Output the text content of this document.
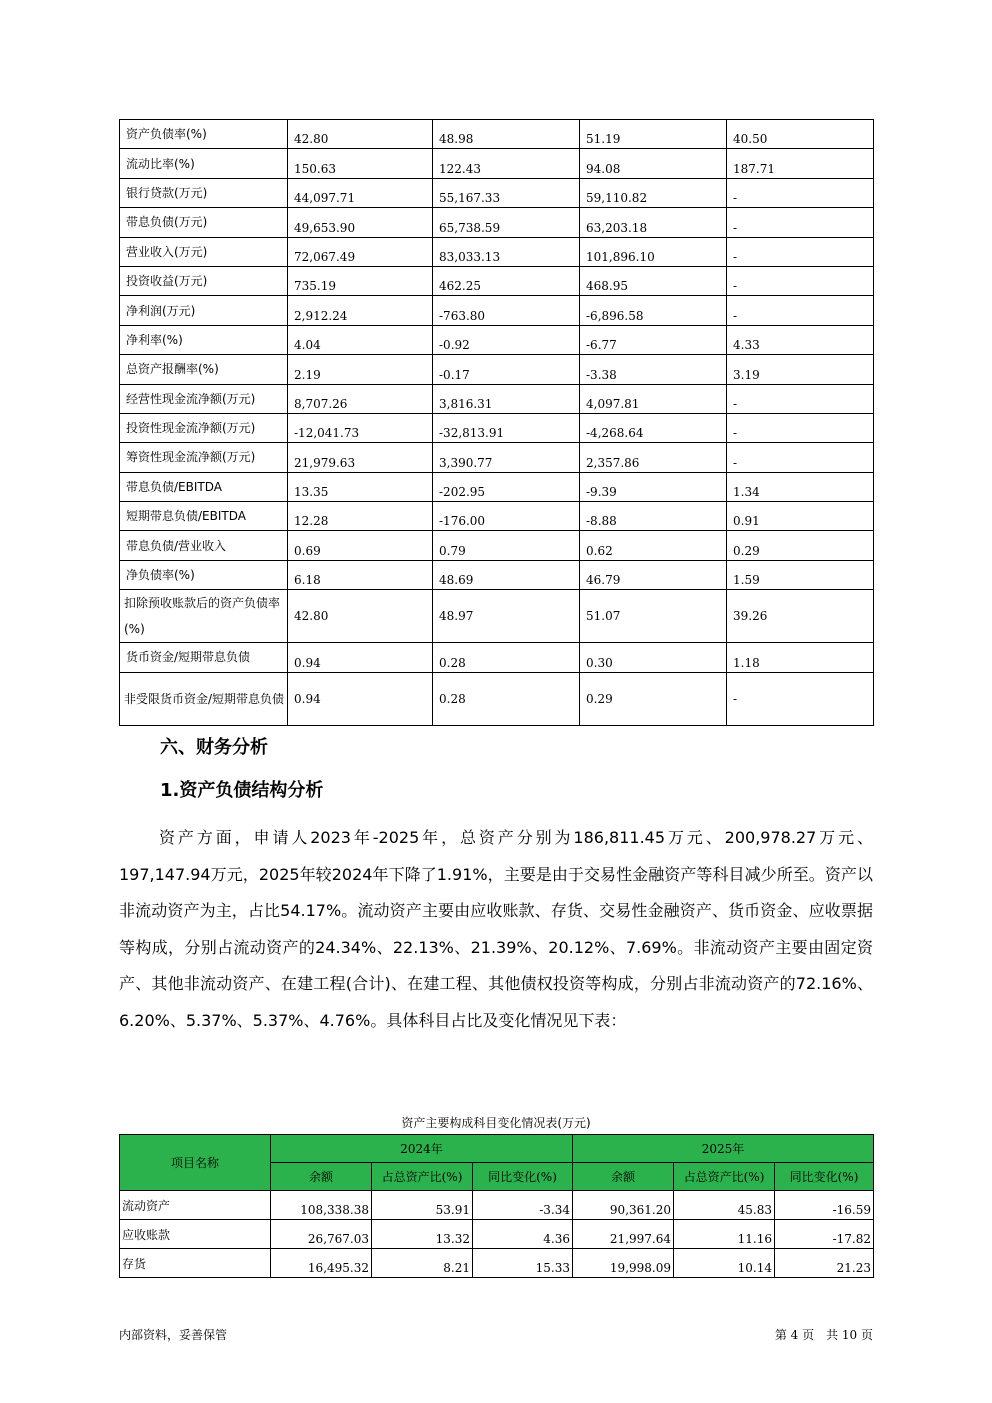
资产负债率(%)	42.80	48.98	51.19	40.50
流动比率(%)	150.63	122.43	94.08	187.71
银行贷款(万元)	44,097.71	55,167.33	59,110.82	-
带息负债(万元)	49,653.90	65,738.59	63,203.18	-
营业收入(万元)	72,067.49	83,033.13	101,896.10	-
投资收益(万元)	735.19	462.25	468.95	-
净利润(万元)	2,912.24	-763.80	-6,896.58	-
净利率(%)	4.04	-0.92	-6.77	4.33
总资产报酬率(%)	2.19	-0.17	-3.38	3.19
经营性现金流净额(万元)	8,707.26	3,816.31	4,097.81	-
投资性现金流净额(万元)	-12,041.73	-32,813.91	-4,268.64	-
筹资性现金流净额(万元)	21,979.63	3,390.77	2,357.86	-
带息负债/EBITDA	13.35	-202.95	-9.39	1.34
短期带息负债/EBITDA	12.28	-176.00	-8.88	0.91
带息负债/营业收入	0.69	0.79	0.62	0.29
净负债率(%)	6.18	48.69	46.79	1.59
扣除预收账款后的资产负债率(%)	42.80	48.97	51.07	39.26
货币资金/短期带息负债	0.94	0.28	0.30	1.18
非受限货币资金/短期带息负债	0.94	0.28	0.29	-
六、财务分析
1.资产负债结构分析
资产方面，申请人2023年-2025年，总资产分别为186,811.45万元、200,978.27万元、197,147.94万元，2025年较2024年下降了1.91%，主要是由于交易性金融资产等科目减少所至。资产以非流动资产为主，占比54.17%。流动资产主要由应收账款、存货、交易性金融资产、货币资金、应收票据等构成，分别占流动资产的24.34%、22.13%、21.39%、20.12%、7.69%。非流动资产主要由固定资产、其他非流动资产、在建工程(合计)、在建工程、其他债权投资等构成，分别占非流动资产的72.16%、6.20%、5.37%、5.37%、4.76%。具体科目占比及变化情况见下表：
资产主要构成科目变化情况表(万元)
项目名称	2024年			2025年		
	余额	占总资产比(%)	同比变化(%)	余额	占总资产比(%)	同比变化(%)
流动资产	108,338.38	53.91	-3.34	90,361.20	45.83	-16.59
应收账款	26,767.03	13.32	4.36	21,997.64	11.16	-17.82
存货	16,495.32	8.21	15.33	19,998.09	10.14	21.23
内部资料，妥善保管	第 4 页　共 10 页
